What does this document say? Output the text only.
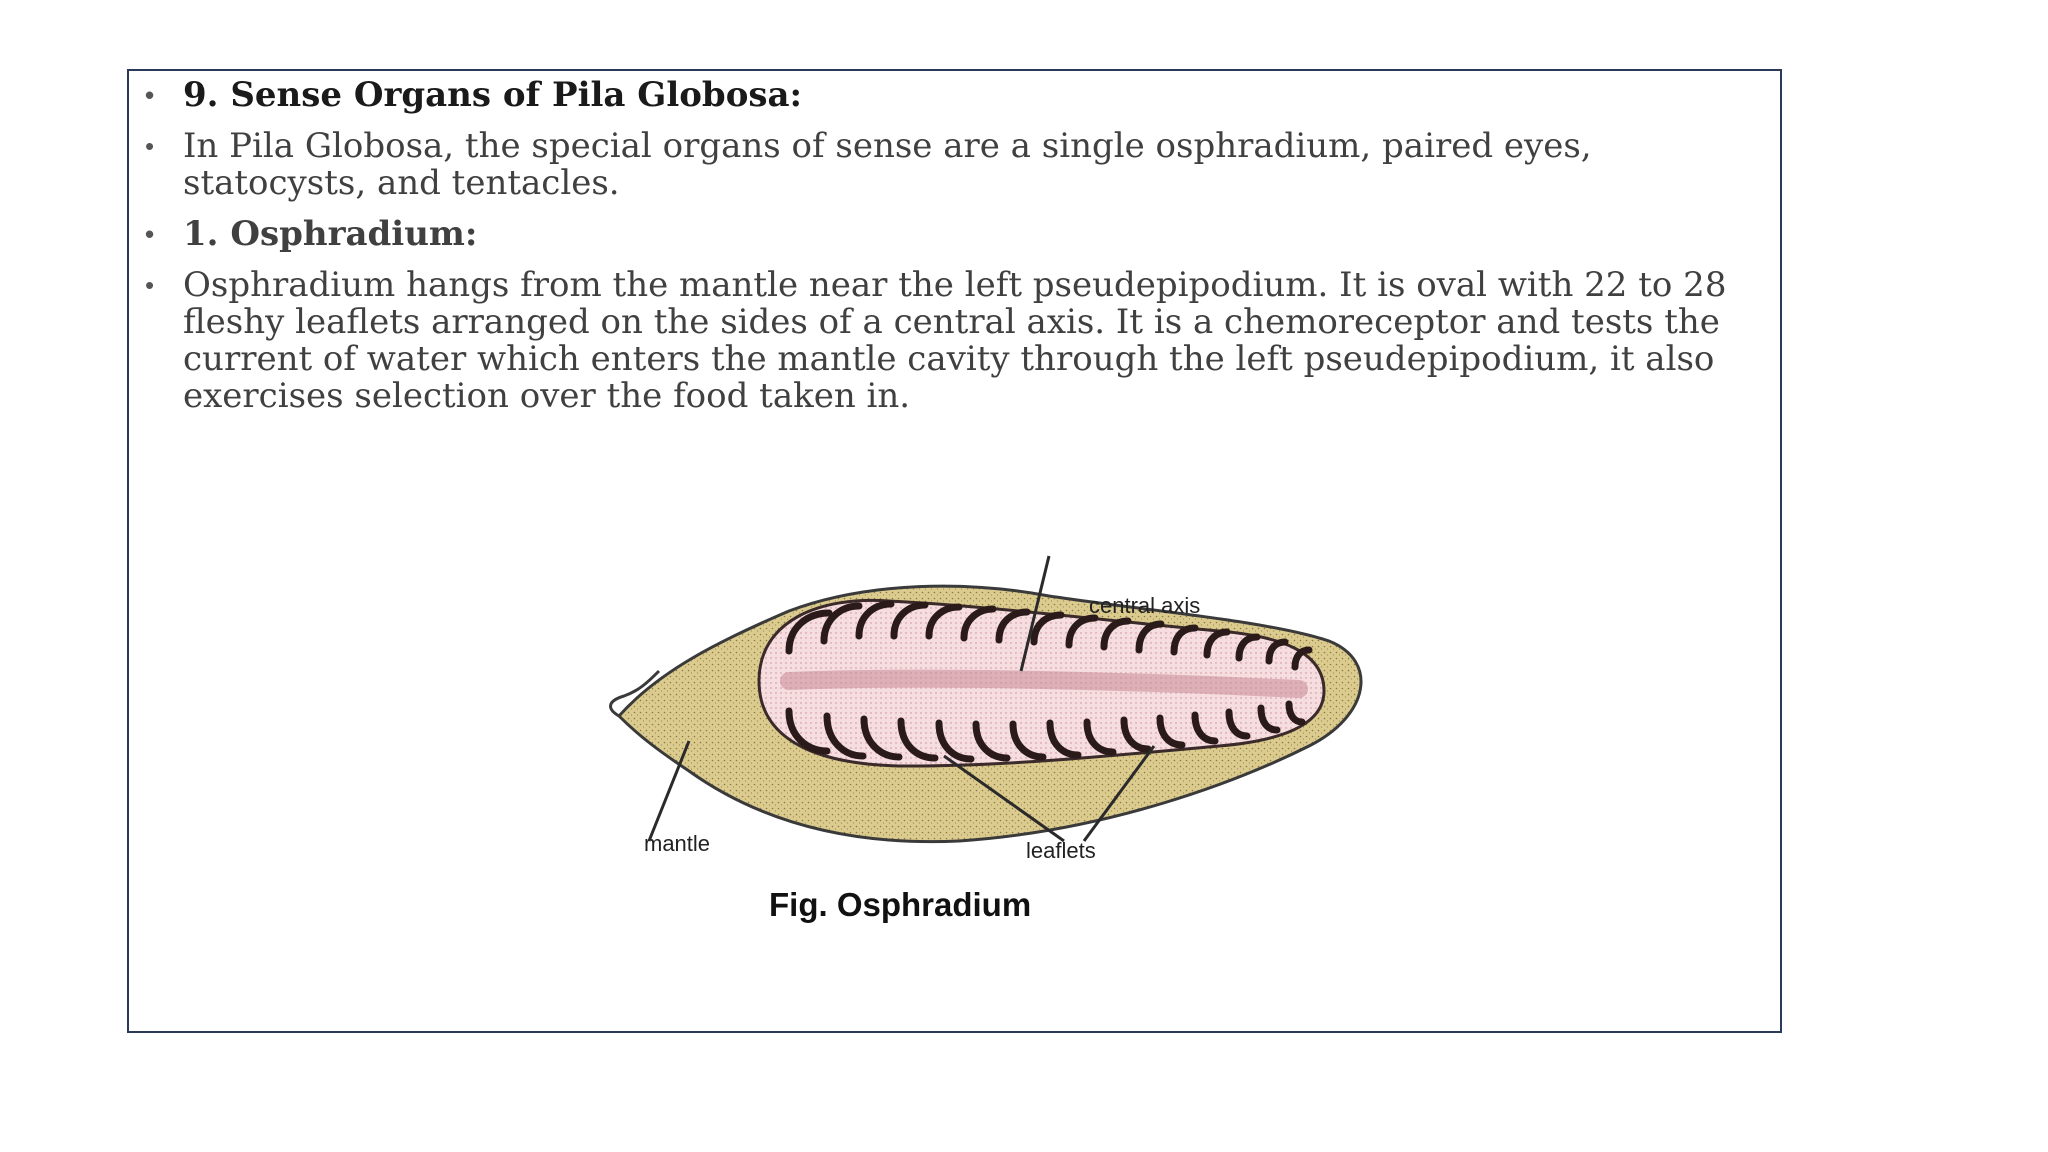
• 9. Sense Organs of Pila Globosa:
• In Pila Globosa, the special organs of sense are a single osphradium, paired eyes, statocysts, and tentacles.
• 1. Osphradium:
• Osphradium hangs from the mantle near the left pseudepipodium. It is oval with 22 to 28 fleshy leaflets arranged on the sides of a central axis. It is a chemoreceptor and tests the current of water which enters the mantle cavity through the left pseudepipodium, it also exercises selection over the food taken in.
central axis
mantle	leaflets
Fig. Osphradium
